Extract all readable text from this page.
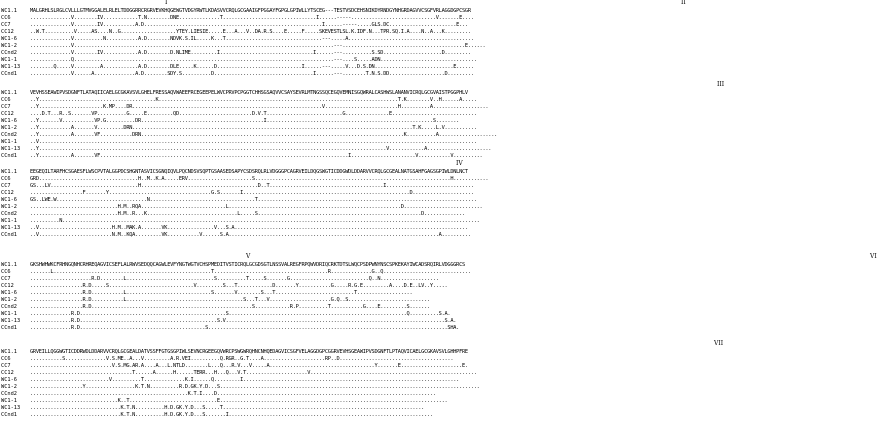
I	II
WC1.1 MALGRHLSLRGLCVLLLGTMVGGALELRLELTDDGGRRCRGRVEVKHQGEWGTVDGYRWTLKDASVVCRQLGCGAAIGFPGGAYFGPGLGPIWLLYTSCEG---TESTVSDCEHSNIKDYRNDGYNHGRDAGVVCSGFVRLAGGDGPCSGR
CC6	..............V........IV............T.N........DNE..............T................................I......-----.............................V.......E....
CC7	..............V........IV...........A.D.............................................................I......-----.....GLS.DC.......................E...
CC12	..W.T..........V.....AS....N..G...................YTEY.LIESIE.....E...A...V..DA.R.S....E.....F.....SKEVESTLSL.K.IDF.N...TPR.SQ.I.A....N..A...K.........
WC1-6 ..............V..........N...........A.D........NDVK.S.IL.....K...T.................................---.....A...........................................
WC1-2 ..............V.........................................................................................---..........................................E......
CCnd2 ..............V........IV............A.D........D.NLIME.........I................................I......---..........S.SD....................D.........
WC1-1 ..............Q.........................................................................................---....S.....ADN.................................
WC1-13 ........Q.....V.........A............A.D........DLE.....K......D.............................I......---.....V...D.S.DN...........................E......
CCnd1 ..............V......A..............A.D........SDY.S..........D..................................I......---........T.N.S.DD...................D.........
III
WC1.1 VEVHSSEAWIPVSDGNFTLATAQIICAELGCGKAVSVLGHELFRESSAQVWAEEFRCEGEEPELWVCPRVPCPGGTCHHSGSAQVVCSAYSEVRLMTNGSSQCEGQVEMNISGQWRALCASHWSLANANVICRQLGCGVAISTPGGPHLV
CC6	..Y........................................K..................................................................................T.K........V..H......A.....
CC7	..Y......................K.MP....DR.................................................................V.........................H..........A...................
CC12	....D.T...R..S.......VP..........G.....E.........QD.........................D.V.T..........................G...............E.............................
WC1-6 ..Y.......V...........VP.G..........DR..........................................I.........................................................S........
WC1-2 ..Y...........A.......V.........DRN................................................................................................T.K.....L.V...........
CCnd2 ..Y...........A.......VF...........DRN..........................................................................................K..........A....................
WC1-1 ..V......................................................................................................................................................
WC1-13 ..Y.......................................................................................................................V............A......................
CCnd1 ..Y...........A.......VF.....................................................................................I......................V...........V..........
IV
WC1.1 EEGEQILTARFHCSGAESFLWSCPVTALGGPDCSHGNTASVICSGNQIQVLPQCNDSVSQPTGSAASEDSAPYCSDSRQLRLVDGGGPCAGRVEILDQGSWGTICDDGWDLDDARVVCRQLGCGEALNATGSAHFGAGSGPIWLDNLNCT
CC6	GRD..................................H..M..K.A.....ERV......................S...................................................................H............
CC7	GS...LV..............................H........................................D..T.......................................I..............................
CC12	..................F.......Y...................................G.S.......I.........................................................D.....................
WC1-6 GS..LWE.W...............................N....................................T...........................................................................
WC1-2 ..............................H.M..RQA.............................L...........................................................D...........................
CCnd2 ..............................H.M..R...K...............................L.....S........................................................D..............
WC1-1 ..........N...............................................................................................................................................
WC1-13 ..V.........................H.M..MAK.A.......VK................V...S.A................................................................................
CCnd1 ..V.........................N.M..KQA.........VK...........V......S.A........................................................................A..........
V	VI
WC1.1 GKSHWHWKCFRHNGQNHCRHREQAGVICSEFLALRWVSEDQQCAGWLEVFYNGTWGTVCHSPMEDITVSTICRQLGCGDSGTLNSSVALREGFRPQWVDRIQCRKTDTSLWQCPSDPWNYNSCSPKEKAYIWCADSRQIRLVDGGGRCS
CC6	.......L......................................................T.......................................R..............G..Q..............................
CC7	.....................R.D........L..............................S..........T.....S.......G...........................Q..N....................
CC12	..................R.D.....S.............................V.........S...T............D.......Y...........G.....R.G.E.........A....D.E..LV..Y.....
WC1-6 ..................R.D...........L.............................S.......V........S...T...........................T...................
WC1-2 ..................R.D...........L........................................S...T...V.....................G.Q..S............................
CCnd2 ..................R.D.......................................................S............R.P..........T...........G....E.........S.......
WC1-1 ..............R.D..................................................S.............................................................Q..........S.A.
WC1-13 ..............R.D...............................................S.V...........................................................................S.A.
CCnd1 ..............R.D...........................................S..................................................................................SHA.
VII
WC1.1 GRVEILLQGGWGTICDDRWDLDDARVVCRQLGCGEALDATVSSFFGTGSGPIWLSEVNCRGEEGQVWRCPSWGWRQHNCNHQEDAGVICSGFVELAGGDGPCGGRVEVHSGEAWIPVSDGNFTLPTAQVICAELGCGKAVSVLGHHPFRE
CC6	...........S..............V.S.ME..A...V.........A.R.VEI..........Q.RGR..G.T....A.....................RP..D.......................................
CC7	............................V.S.MG.AR.A....A...L.NTLD........L...Q...R.V...V.....A....................................Y.......E.....................E.
CC12	...................................T......A......H......TERR...H...Q...V.T.....................V.........................................................
WC1-6 ...........................V..........T..............K.I......Q.........I..........................................................................
WC1-2 ..................Y.................K.T.N..........R.D.GK.Y.D...S.........................................................................................
CCnd2 ......................................................K.T.I....D...........................................................................
WC1-1 ..............................K..T..............................E..............................................................................
WC1-13 ...............................K.T.N..........H.D.GK.Y.D...S.....T.....................................................................
CCnd1 ...............................K.T.N..........H.D.GK.Y.D...S.......I......................................................................
